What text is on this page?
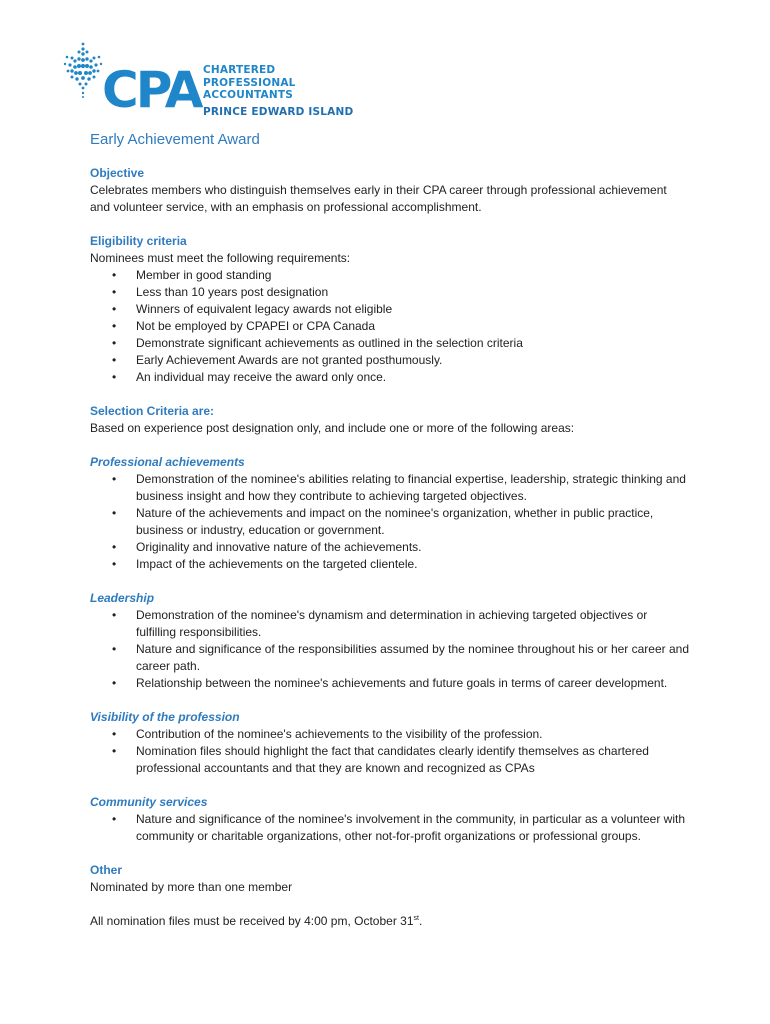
CPA CHARTERED
PROFESSIONAL
ACCOUNTANTS
PRINCE EDWARD ISLAND
Early Achievement Award
Objective

Celebrates members who distinguish themselves early in their CPA career through professional achievement and volunteer service, with an emphasis on professional accomplishment.

Eligibility criteria

Nominees must meet the following requirements:

• Member in good standing
• Less than 10 years post designation
• Winners of equivalent legacy awards not eligible
• Not be employed by CPAPEI or CPA Canada
• Demonstrate significant achievements as outlined in the selection criteria
• Early Achievement Awards are not granted posthumously.
• An individual may receive the award only once.
Selection Criteria are:

Based on experience post designation only, and include one or more of the following areas:

Professional achievements
• Demonstration of the nominee's abilities relating to financial expertise, leadership, strategic thinking and business insight and how they contribute to achieving targeted objectives.
• Nature of the achievements and impact on the nominee's organization, whether in public practice, business or industry, education or government.
• Originality and innovative nature of the achievements.
• Impact of the achievements on the targeted clientele.
Leadership
• Demonstration of the nominee's dynamism and determination in achieving targeted objectives or fulfilling responsibilities.
• Nature and significance of the responsibilities assumed by the nominee throughout his or her career and career path.
• Relationship between the nominee's achievements and future goals in terms of career development.
Visibility of the profession
• Contribution of the nominee's achievements to the visibility of the profession.
• Nomination files should highlight the fact that candidates clearly identify themselves as chartered professional accountants and that they are known and recognized as CPAs
Community services
• Nature and significance of the nominee's involvement in the community, in particular as a volunteer with community or charitable organizations, other not-for-profit organizations or professional groups.
Other

Nominated by more than one member

All nomination files must be received by 4:00 pm, October 31st.
